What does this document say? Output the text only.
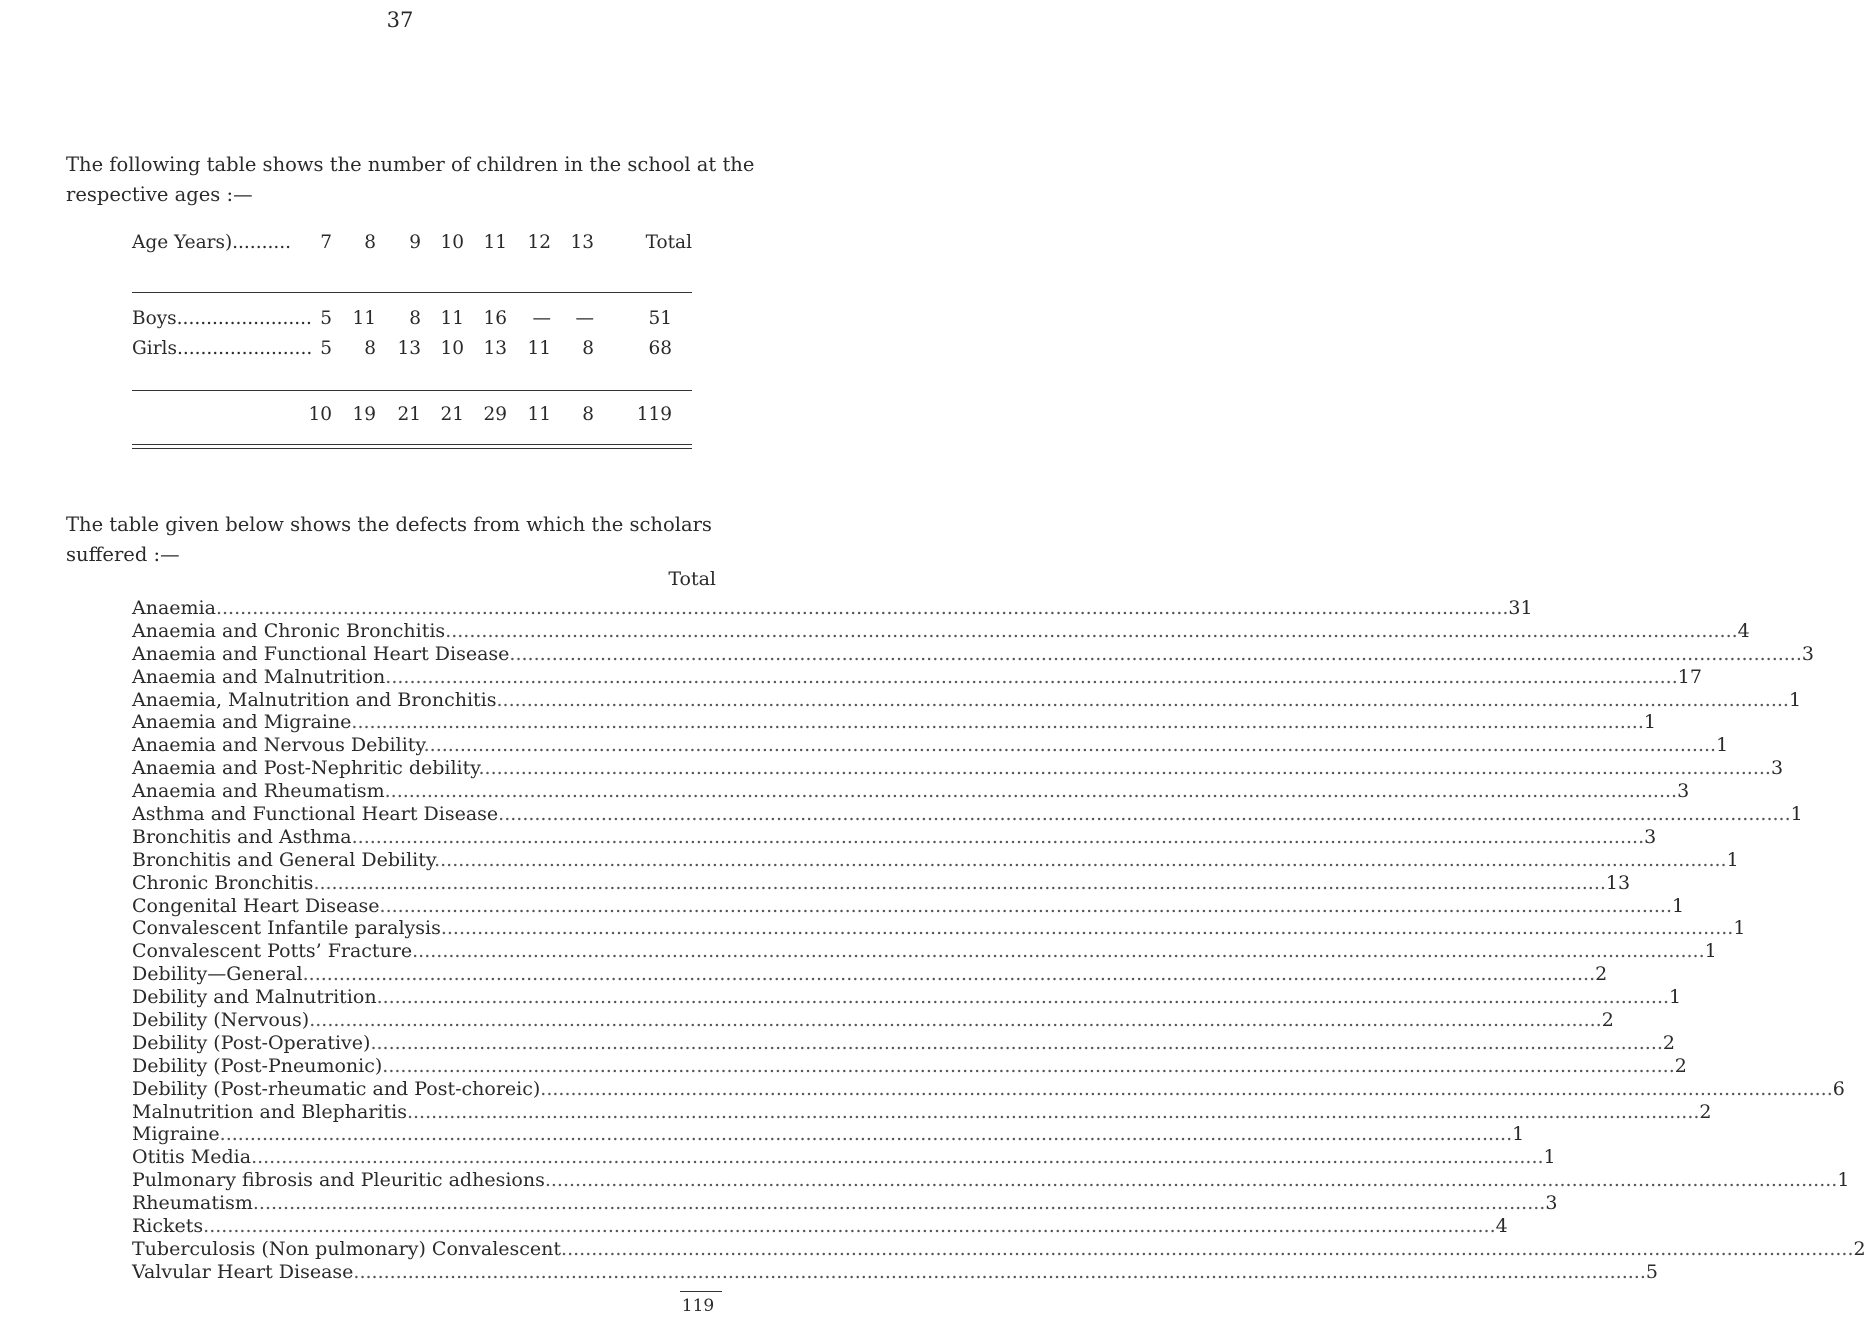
37
The following table shows the number of children in the school at the respective ages :—
Age Years)..........	7	8	9	10	11	12	13	Total
Boys....................... 5	11	8	11	16	—	—	51
Girls....................... 5	8	13	10	13	11	8	68
10	19	21	21	29	11	8	119
The table given below shows the defects from which the scholars suffered :—
Total
Anaemia .....	31
Anaemia and Chronic Bronchitis .....	4
Anaemia and Functional Heart Disease .....	3
Anaemia and Malnutrition .....	17
Anaemia, Malnutrition and Bronchitis .....	1
Anaemia and Migraine .....	1
Anaemia and Nervous Debility .....	1
Anaemia and Post-Nephritic debility .....	3
Anaemia and Rheumatism .....	3
Asthma and Functional Heart Disease .....	1
Bronchitis and Asthma .....	3
Bronchitis and General Debility .....	1
Chronic Bronchitis .....	13
Congenital Heart Disease .....	1
Convalescent Infantile paralysis .....	1
Convalescent Potts’ Fracture .....	1
Debility—General .....	2
Debility and Malnutrition .....	1
Debility (Nervous) .....	2
Debility (Post-Operative) .....	2
Debility (Post-Pneumonic) .....	2
Debility (Post-rheumatic and Post-choreic) .....	6
Malnutrition and Blepharitis .....	2
Migraine .....	1
Otitis Media .....	1
Pulmonary fibrosis and Pleuritic adhesions .....	1
Rheumatism .....	3
Rickets .....	4
Tuberculosis (Non pulmonary) Convalescent .....	2
Valvular Heart Disease .....	5
119
